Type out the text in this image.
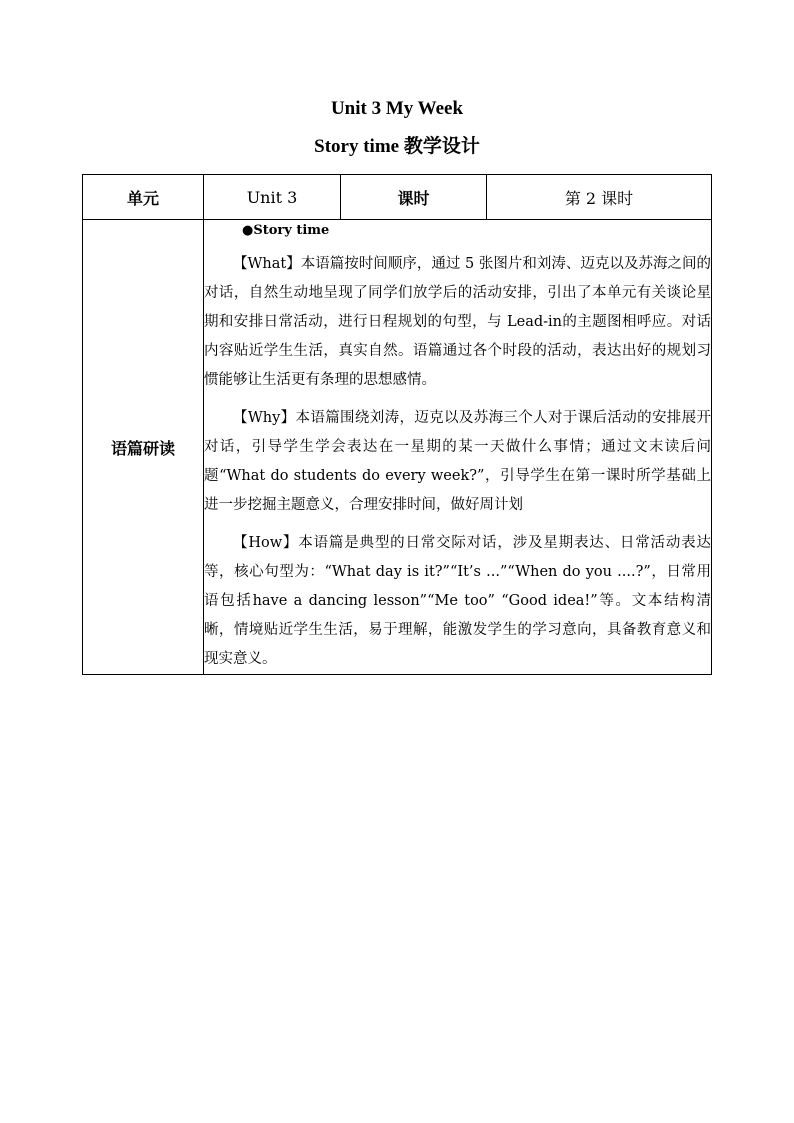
Unit 3 My Week
Story time 教学设计
单元	Unit 3	课时	第 2 课时
语篇研读	●Story time

【What】本语篇按时间顺序，通过 5 张图片和刘涛、迈克以及苏海之间的对话，自然生动地呈现了同学们放学后的活动安排，引出了本单元有关谈论星期和安排日常活动，进行日程规划的句型，与 Lead-in的主题图相呼应。对话内容贴近学生生活，真实自然。语篇通过各个时段的活动，表达出好的规划习惯能够让生活更有条理的思想感情。

【Why】本语篇围绕刘涛，迈克以及苏海三个人对于课后活动的安排展开对话，引导学生学会表达在一星期的某一天做什么事情；通过文末读后问题“What do students do every week?”，引导学生在第一课时所学基础上进一步挖掘主题意义，合理安排时间，做好周计划

【How】本语篇是典型的日常交际对话，涉及星期表达、日常活动表达等，核心句型为：“What day is it?”“It’s ...”“When do you ....?”，日常用语包括have a dancing lesson”“Me too” “Good idea!”等。文本结构清晰，情境贴近学生生活，易于理解，能激发学生的学习意向，具备教育意义和现实意义。		
